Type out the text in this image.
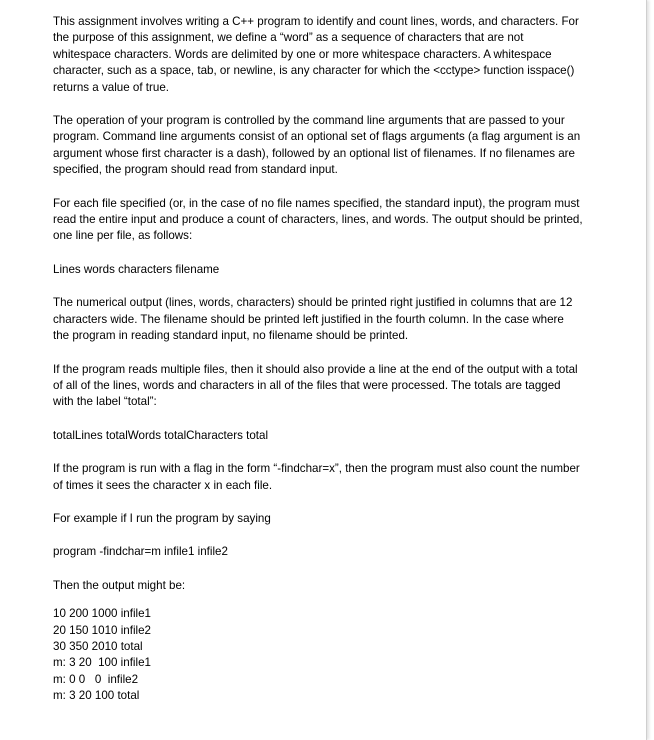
This assignment involves writing a C++ program to identify and count lines, words, and characters. For the purpose of this assignment, we define a “word” as a sequence of characters that are not whitespace characters. Words are delimited by one or more whitespace characters. A whitespace character, such as a space, tab, or newline, is any character for which the <cctype> function isspace() returns a value of true.

The operation of your program is controlled by the command line arguments that are passed to your program. Command line arguments consist of an optional set of flags arguments (a flag argument is an argument whose first character is a dash), followed by an optional list of filenames. If no filenames are specified, the program should read from standard input.

For each file specified (or, in the case of no file names specified, the standard input), the program must read the entire input and produce a count of characters, lines, and words. The output should be printed, one line per file, as follows:

Lines words characters filename

The numerical output (lines, words, characters) should be printed right justified in columns that are 12 characters wide. The filename should be printed left justified in the fourth column. In the case where the program in reading standard input, no filename should be printed.

If the program reads multiple files, then it should also provide a line at the end of the output with a total of all of the lines, words and characters in all of the files that were processed. The totals are tagged with the label “total”:

totalLines totalWords totalCharacters total

If the program is run with a flag in the form “-findchar=x”, then the program must also count the number of times it sees the character x in each file.

For example if I run the program by saying

program -findchar=m infile1 infile2

Then the output might be:

10 200 1000 infile1

20 150 1010 infile2

30 350 2010 total

m: 3 20  100 infile1

m: 0 0   0  infile2

m: 3 20 100 total
